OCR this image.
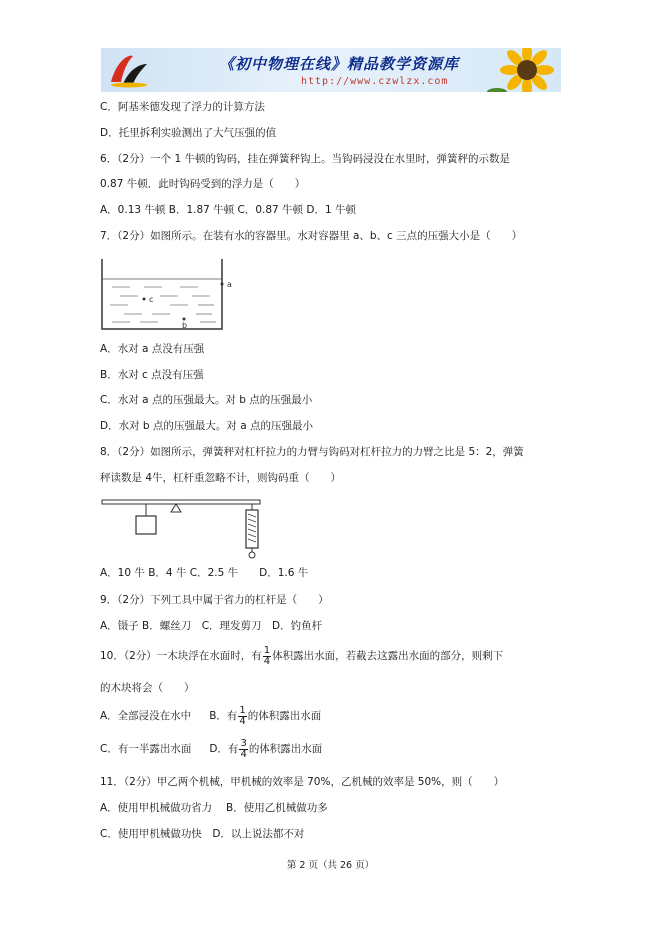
《初中物理在线》精品教学资源库
http://www.czwlzx.com
C．阿基米德发现了浮力的计算方法
D．托里拆利实验测出了大气压强的值
6．（2分）一个 1 牛顿的钩码，挂在弹簧秤钩上。当钩码浸没在水里时，弹簧秤的示数是
0.87 牛顿．此时钩码受到的浮力是（　　）
A．0.13 牛顿 B．1.87 牛顿 C．0.87 牛顿 D．1 牛顿
7．（2分）如图所示。在装有水的容器里。水对容器里 a、b、c 三点的压强大小是（　　）
c
b
a
A．水对 a 点没有压强
B．水对 c 点没有压强
C．水对 a 点的压强最大。对 b 点的压强最小
D．水对 b 点的压强最大。对 a 点的压强最小
8．（2分）如图所示，弹簧秤对杠杆拉力的力臂与钩码对杠杆拉力的力臂之比是 5：2，弹簧
秤读数是 4牛，杠杆重忽略不计，则钩码重（　　）
A．10 牛 B．4 牛 C．2.5 牛　　D．1.6 牛
9．（2分）下列工具中属于省力的杠杆是（　　）
A．镊子 B．螺丝刀　C．理发剪刀　D．钓鱼杆
10．（2分）一木块浮在水面时，有 $\frac{1}{4}$ 体积露出水面，若截去这露出水面的部分，则剩下
的木块将会（　　）
A．全部浸没在水中 B．有 $\frac{1}{4}$ 的体积露出水面
C．有一半露出水面 D．有 $\frac{3}{4}$ 的体积露出水面
11．（2分）甲乙两个机械，甲机械的效率是 70%，乙机械的效率是 50%，则（　　）
A．使用甲机械做功省力　 B．使用乙机械做功多
C．使用甲机械做功快　D．以上说法都不对
第 2 页（共 26 页）
